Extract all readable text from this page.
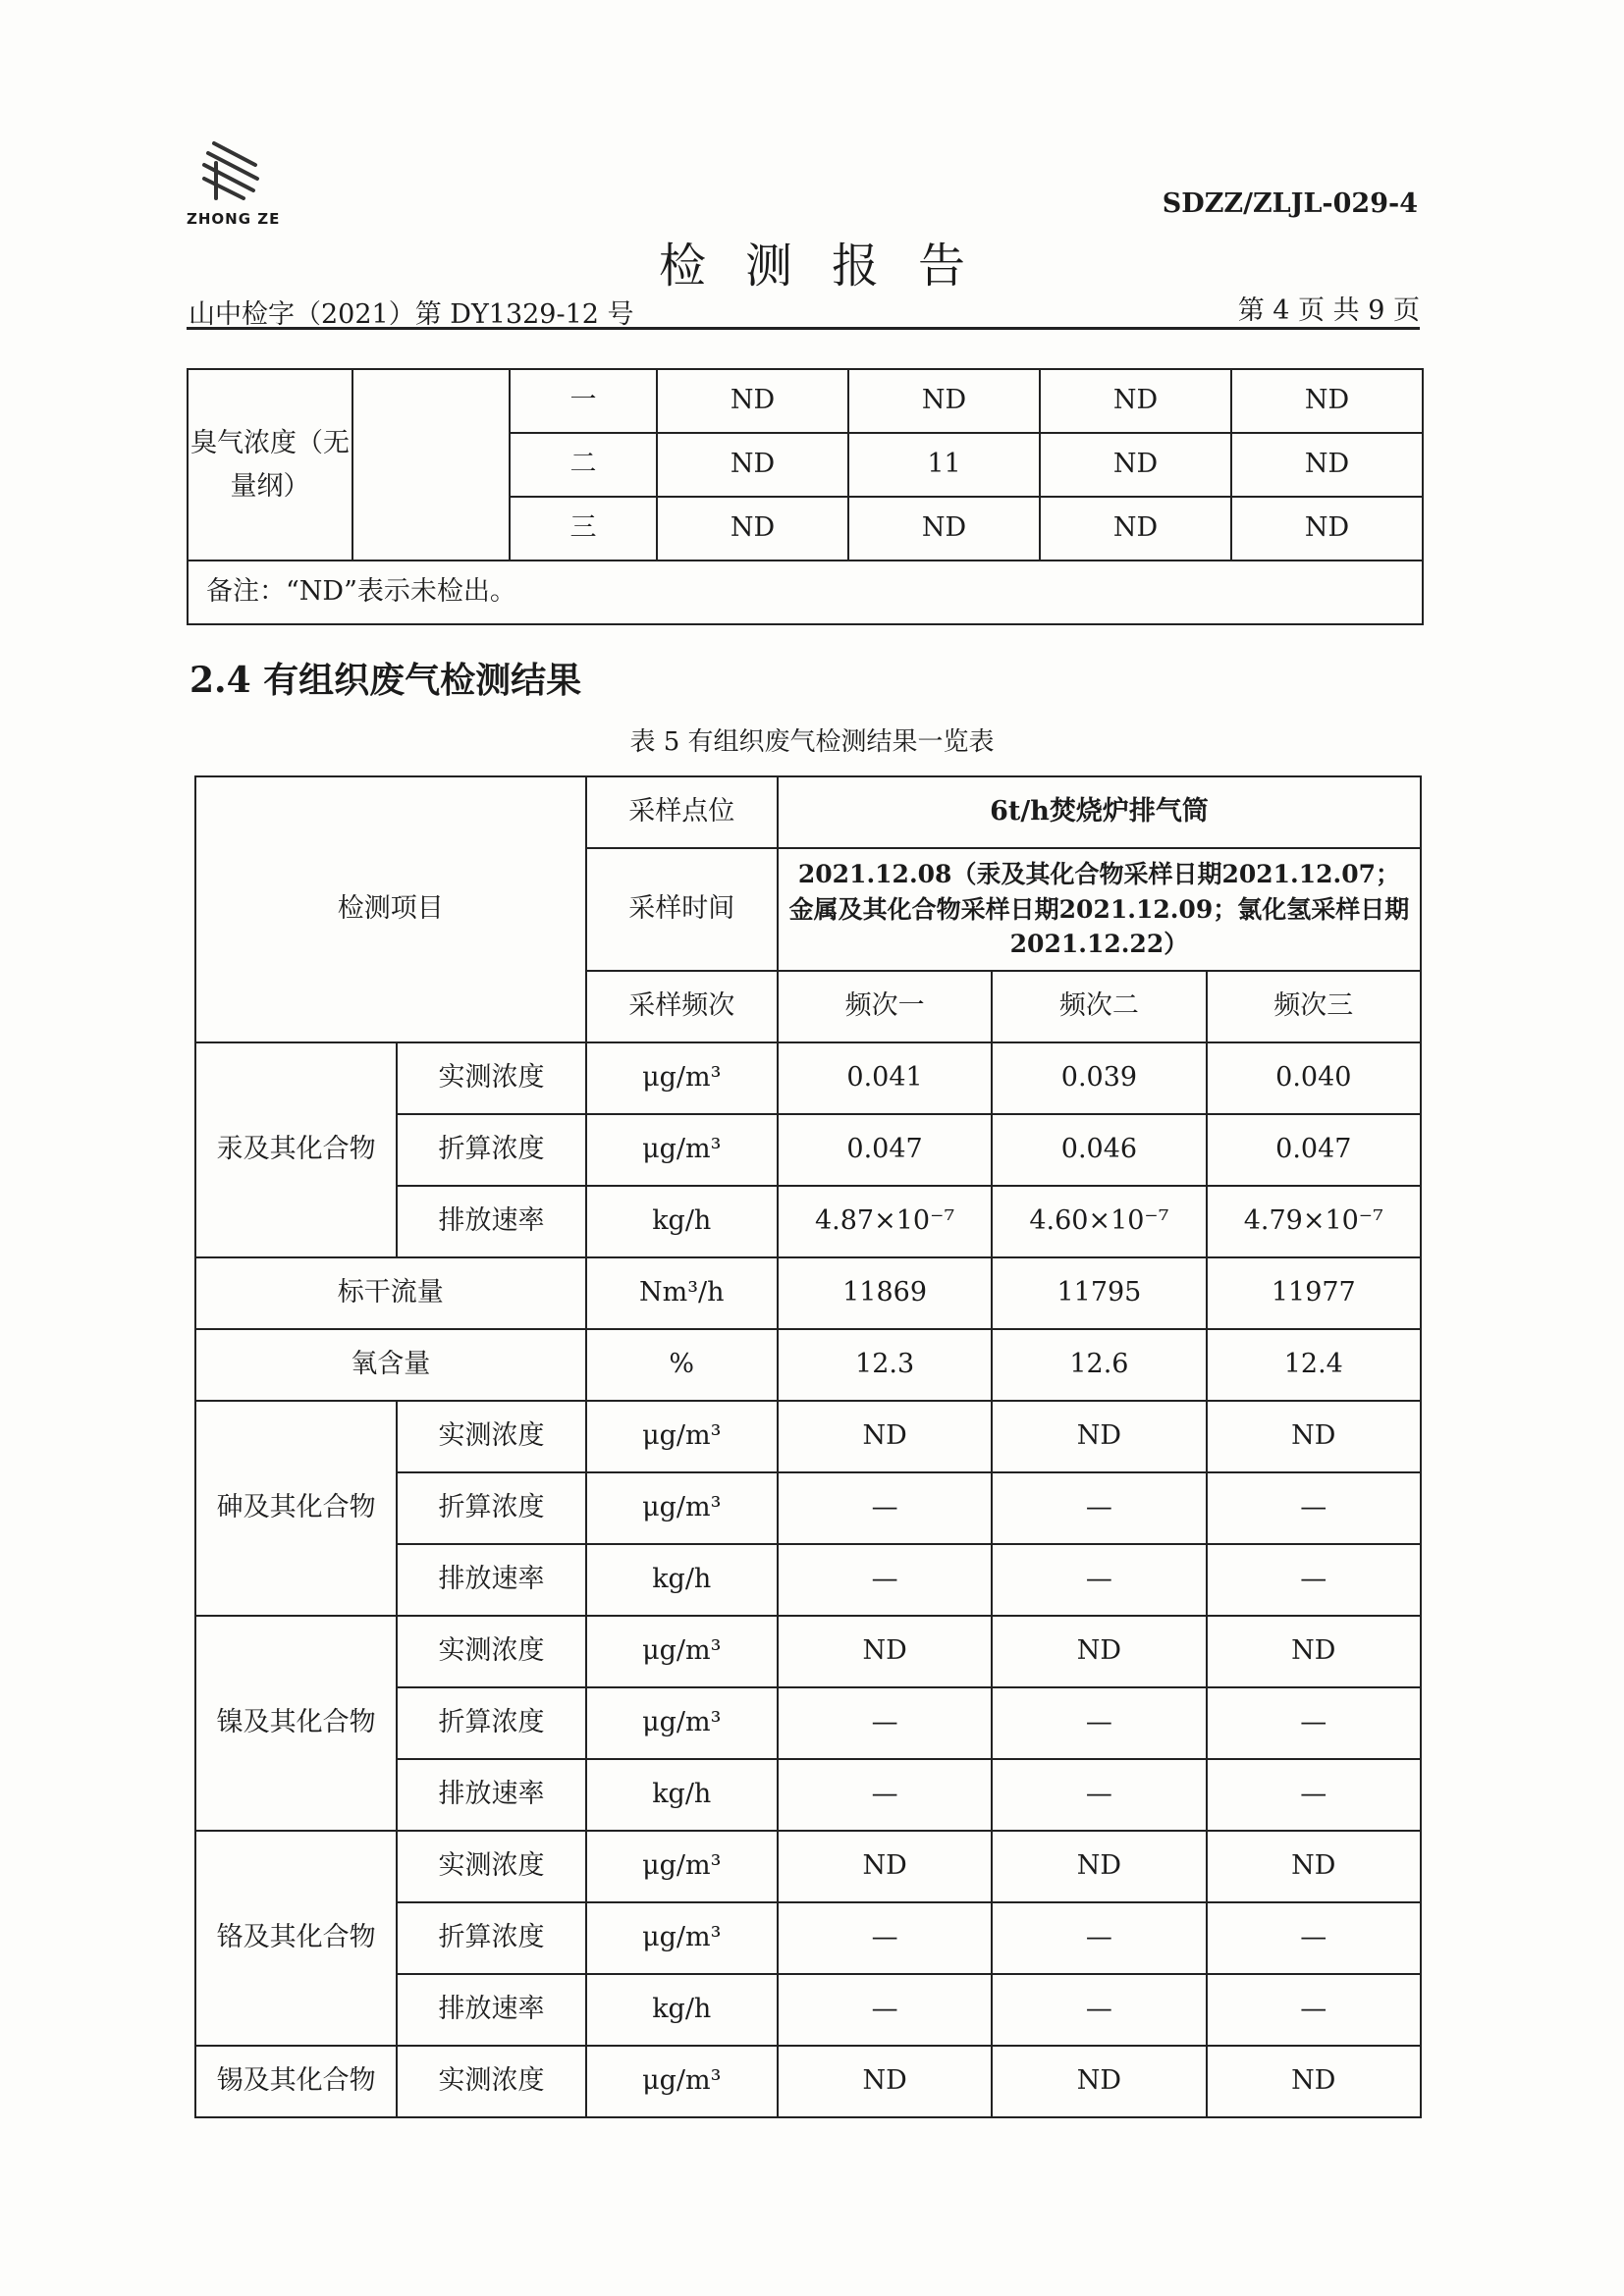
ZHONG ZE	SDZZ/ZLJL-029-4
检测报告
山中检字（2021）第 DY1329-12 号	第 4 页 共 9 页
臭气浓度（无量纲）		一	ND	ND	ND	ND
		二	ND	11	ND	ND
		三	ND	ND	ND	ND
备注：“ND”表示未检出。						
2.4 有组织废气检测结果
表 5 有组织废气检测结果一览表
检测项目		采样点位	6t/h焚烧炉排气筒		
		采样时间	2021.12.08（汞及其化合物采样日期2021.12.07；金属及其化合物采样日期2021.12.09；氯化氢采样日期2021.12.22）		
		采样频次	频次一	频次二	频次三
汞及其化合物	实测浓度	μg/m³	0.041	0.039	0.040
	折算浓度	μg/m³	0.047	0.046	0.047
	排放速率	kg/h	4.87×10⁻⁷	4.60×10⁻⁷	4.79×10⁻⁷
标干流量		Nm³/h	11869	11795	11977
氧含量		%	12.3	12.6	12.4
砷及其化合物	实测浓度	μg/m³	ND	ND	ND
	折算浓度	μg/m³	—	—	—
	排放速率	kg/h	—	—	—
镍及其化合物	实测浓度	μg/m³	ND	ND	ND
	折算浓度	μg/m³	—	—	—
	排放速率	kg/h	—	—	—
铬及其化合物	实测浓度	μg/m³	ND	ND	ND
	折算浓度	μg/m³	—	—	—
	排放速率	kg/h	—	—	—
锡及其化合物	实测浓度	μg/m³	ND	ND	ND
